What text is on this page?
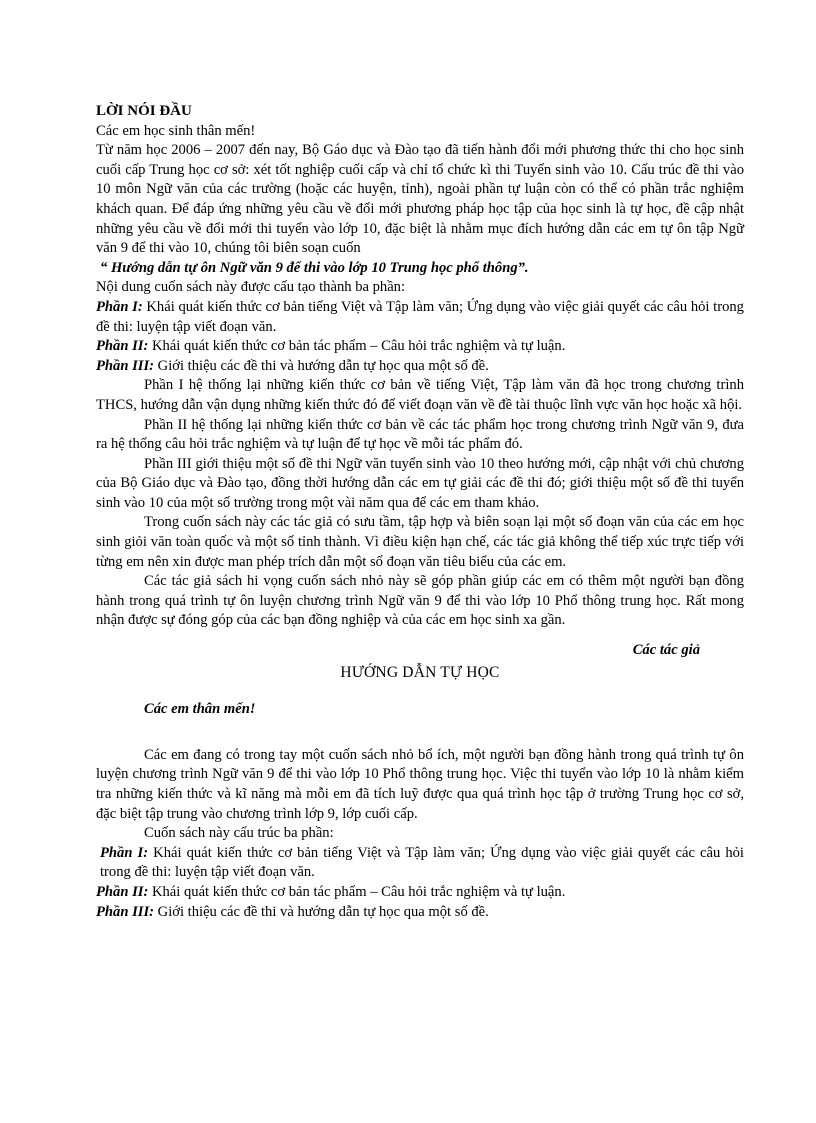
LỜI NÓI ĐẦU

Các em học sinh thân mến!

Từ năm học 2006 – 2007 đến nay, Bộ Gáo dục và Đào tạo đã tiến hành đổi mới phương thức thi cho học sinh cuối cấp Trung học cơ sở: xét tốt nghiệp cuối cấp và chỉ tổ chức kì thi Tuyển sinh vào 10. Cấu trúc đề thi vào 10 môn Ngữ văn của các trường (hoặc các huyện, tỉnh), ngoài phần tự luận còn có thể có phần trắc nghiệm khách quan. Để đáp ứng những yêu cầu về đổi mới phương pháp học tập của học sinh là tự học, đề cập nhật những yêu cầu về đổi mới thi tuyển vào lớp 10, đặc biệt là nhằm mục đích hướng dẫn các em tự ôn tập Ngữ văn 9 để thi vào 10, chúng tôi biên soạn cuốn

“ Hướng dẫn tự ôn Ngữ văn 9 để thi vào lớp 10 Trung học phổ thông”.

Nội dung cuốn sách này được cấu tạo thành ba phần:

Phần I: Khái quát kiến thức cơ bản tiếng Việt và Tập làm văn; Ứng dụng vào việc giải quyết các câu hỏi trong đề thi: luyện tập viết đoạn văn.

Phần II: Khái quát kiến thức cơ bản tác phẩm – Câu hỏi trắc nghiệm và tự luận.

Phần III: Giới thiệu các đề thi và hướng dẫn tự học qua một số đề.

Phần I hệ thống lại những kiến thức cơ bản về tiếng Việt, Tập làm văn đã học trong chương trình THCS, hướng dẫn vận dụng những kiến thức đó để viết đoạn văn về đề tài thuộc lĩnh vực văn học hoặc xã hội.

Phần II hệ thống lại những kiến thức cơ bản về các tác phẩm học trong chương trình Ngữ văn 9, đưa ra hệ thống câu hỏi trắc nghiệm và tự luận để tự học về mỗi tác phẩm đó.

Phần III giới thiệu một số đề thi Ngữ văn tuyển sinh vào 10 theo hướng mới, cập nhật với chủ chương của Bộ Giáo dục và Đào tạo, đồng thời hướng dẫn các em tự giải các đề thi đó; giới thiệu một số đề thi tuyển sinh vào 10 của một số trường trong một vài năm qua để các em tham khảo.

Trong cuốn sách này các tác giả có sưu tầm, tập hợp và biên soạn lại một số đoạn văn của các em học sinh giỏi văn toàn quốc và một số tỉnh thành. Vì điều kiện hạn chế, các tác giả không thể tiếp xúc trực tiếp với từng em nên xin được man phép trích dẫn một số đoạn văn tiêu biểu của các em.

Các tác giả sách hi vọng cuốn sách nhỏ này sẽ góp phần giúp các em có thêm một người bạn đồng hành trong quá trình tự ôn luyện chương trình Ngữ văn 9 để thi vào lớp 10 Phổ thông trung học. Rất mong nhận được sự đóng góp của các bạn đồng nghiệp và của các em học sinh xa gần.

Các tác giả

HƯỚNG DẪN TỰ HỌC

Các em thân mến!

Các em đang có trong tay một cuốn sách nhỏ bổ ích, một người bạn đồng hành trong quá trình tự ôn luyện chương trình Ngữ văn 9 để thi vào lớp 10 Phổ thông trung học. Việc thi tuyển vào lớp 10 là nhằm kiểm tra những kiến thức và kĩ năng mà mỗi em đã tích luỹ được qua quá trình học tập ở trường Trung học cơ sở, đặc biệt tập trung vào chương trình lớp 9, lớp cuối cấp.

Cuốn sách này cấu trúc ba phần:

Phần I: Khái quát kiến thức cơ bản tiếng Việt và Tập làm văn; Ứng dụng vào việc giải quyết các câu hỏi trong đề thi: luyện tập viết đoạn văn.

Phần II: Khái quát kiến thức cơ bản tác phẩm – Câu hỏi trắc nghiệm và tự luận.

Phần III: Giới thiệu các đề thi và hướng dẫn tự học qua một số đề.
